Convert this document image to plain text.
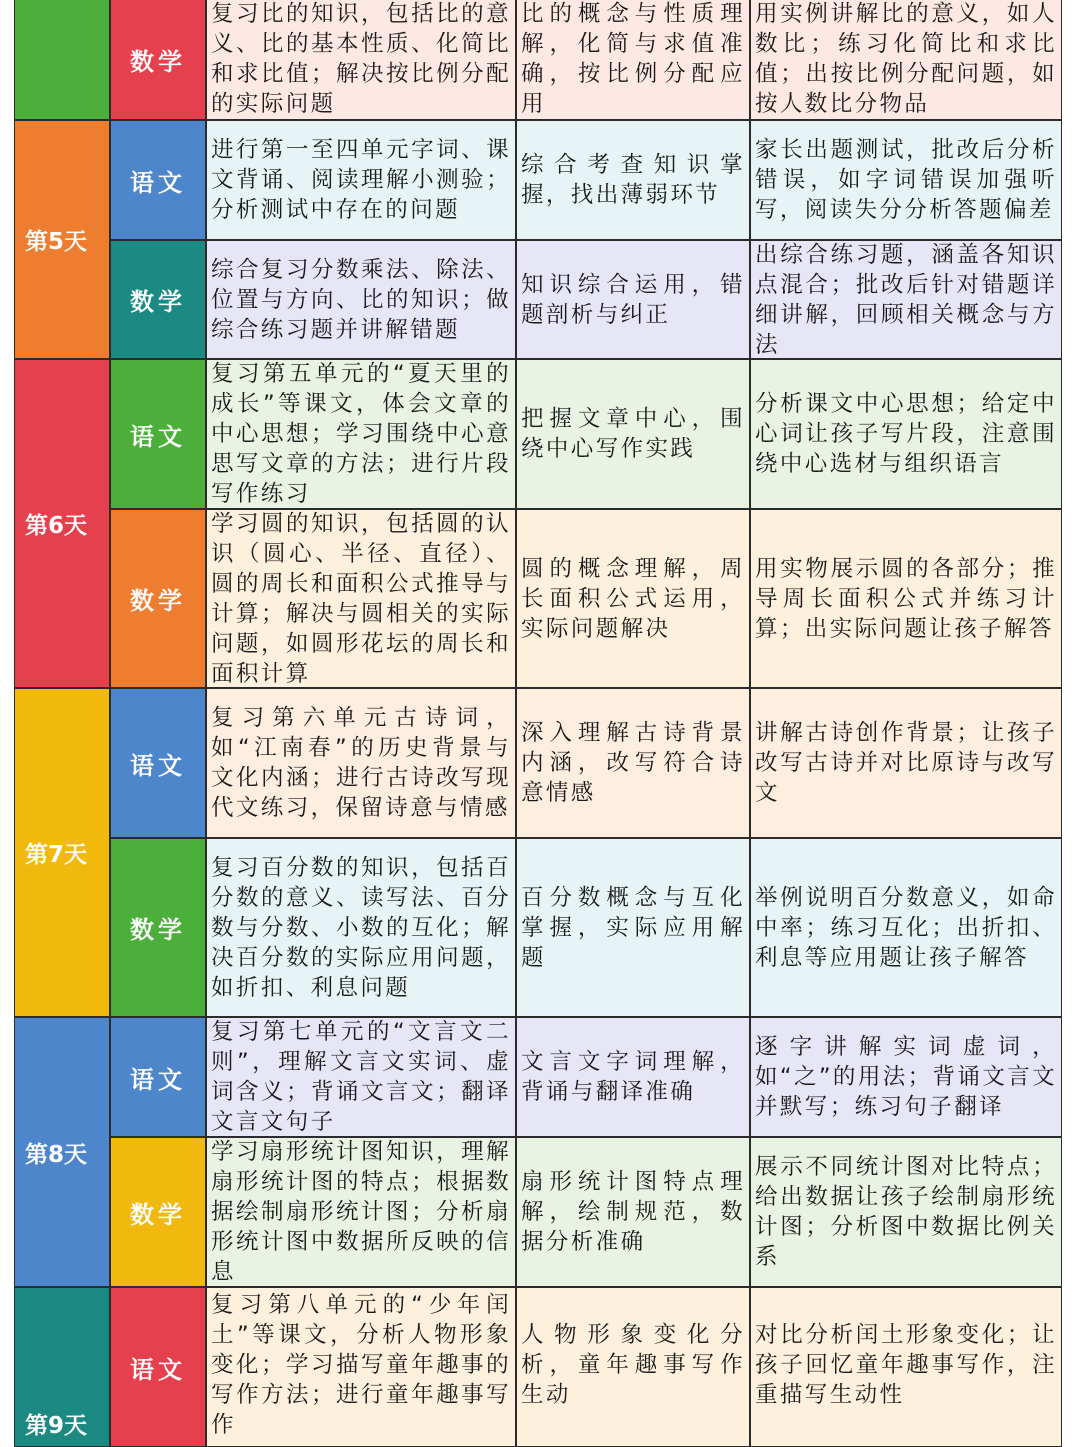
第5天
第6天
第7天
第8天
第9天
数学
复习比的知识，包括比的意义、比的基本性质、化简比和求比值；解决按比例分配的实际问题
比的概念与性质理解，化简与求值准确，按比例分配应用
用实例讲解比的意义，如人数比；练习化简比和求比值；出按比例分配问题，如按人数比分物品
语文
进行第一至四单元字词、课文背诵、阅读理解小测验；分析测试中存在的问题
综合考查知识掌握，找出薄弱环节
家长出题测试，批改后分析错误，如字词错误加强听写，阅读失分分析答题偏差
数学
综合复习分数乘法、除法、位置与方向、比的知识；做综合练习题并讲解错题
知识综合运用，错题剖析与纠正
出综合练习题，涵盖各知识点混合；批改后针对错题详细讲解，回顾相关概念与方法
语文
复习第五单元的“夏天里的成长”等课文，体会文章的中心思想；学习围绕中心意思写文章的方法；进行片段写作练习
把握文章中心，围绕中心写作实践
分析课文中心思想；给定中心词让孩子写片段，注意围绕中心选材与组织语言
数学
学习圆的知识，包括圆的认识（圆心、半径、直径）、圆的周长和面积公式推导与计算；解决与圆相关的实际问题，如圆形花坛的周长和面积计算
圆的概念理解，周长面积公式运用，实际问题解决
用实物展示圆的各部分；推导周长面积公式并练习计算；出实际问题让孩子解答
语文
复习第六单元古诗词，如“江南春”的历史背景与文化内涵；进行古诗改写现代文练习，保留诗意与情感
深入理解古诗背景内涵，改写符合诗意情感
讲解古诗创作背景；让孩子改写古诗并对比原诗与改写文
数学
复习百分数的知识，包括百分数的意义、读写法、百分数与分数、小数的互化；解决百分数的实际应用问题，如折扣、利息问题
百分数概念与互化掌握，实际应用解题
举例说明百分数意义，如命中率；练习互化；出折扣、利息等应用题让孩子解答
语文
复习第七单元的“文言文二则”，理解文言文实词、虚词含义；背诵文言文；翻译文言文句子
文言文字词理解，背诵与翻译准确
逐字讲解实词虚词，如“之”的用法；背诵文言文并默写；练习句子翻译
数学
学习扇形统计图知识，理解扇形统计图的特点；根据数据绘制扇形统计图；分析扇形统计图中数据所反映的信息
扇形统计图特点理解，绘制规范，数据分析准确
展示不同统计图对比特点；给出数据让孩子绘制扇形统计图；分析图中数据比例关系
语文
复习第八单元的“少年闰土”等课文，分析人物形象变化；学习描写童年趣事的写作方法；进行童年趣事写作
人物形象变化分析，童年趣事写作生动
对比分析闰土形象变化；让孩子回忆童年趣事写作，注重描写生动性
